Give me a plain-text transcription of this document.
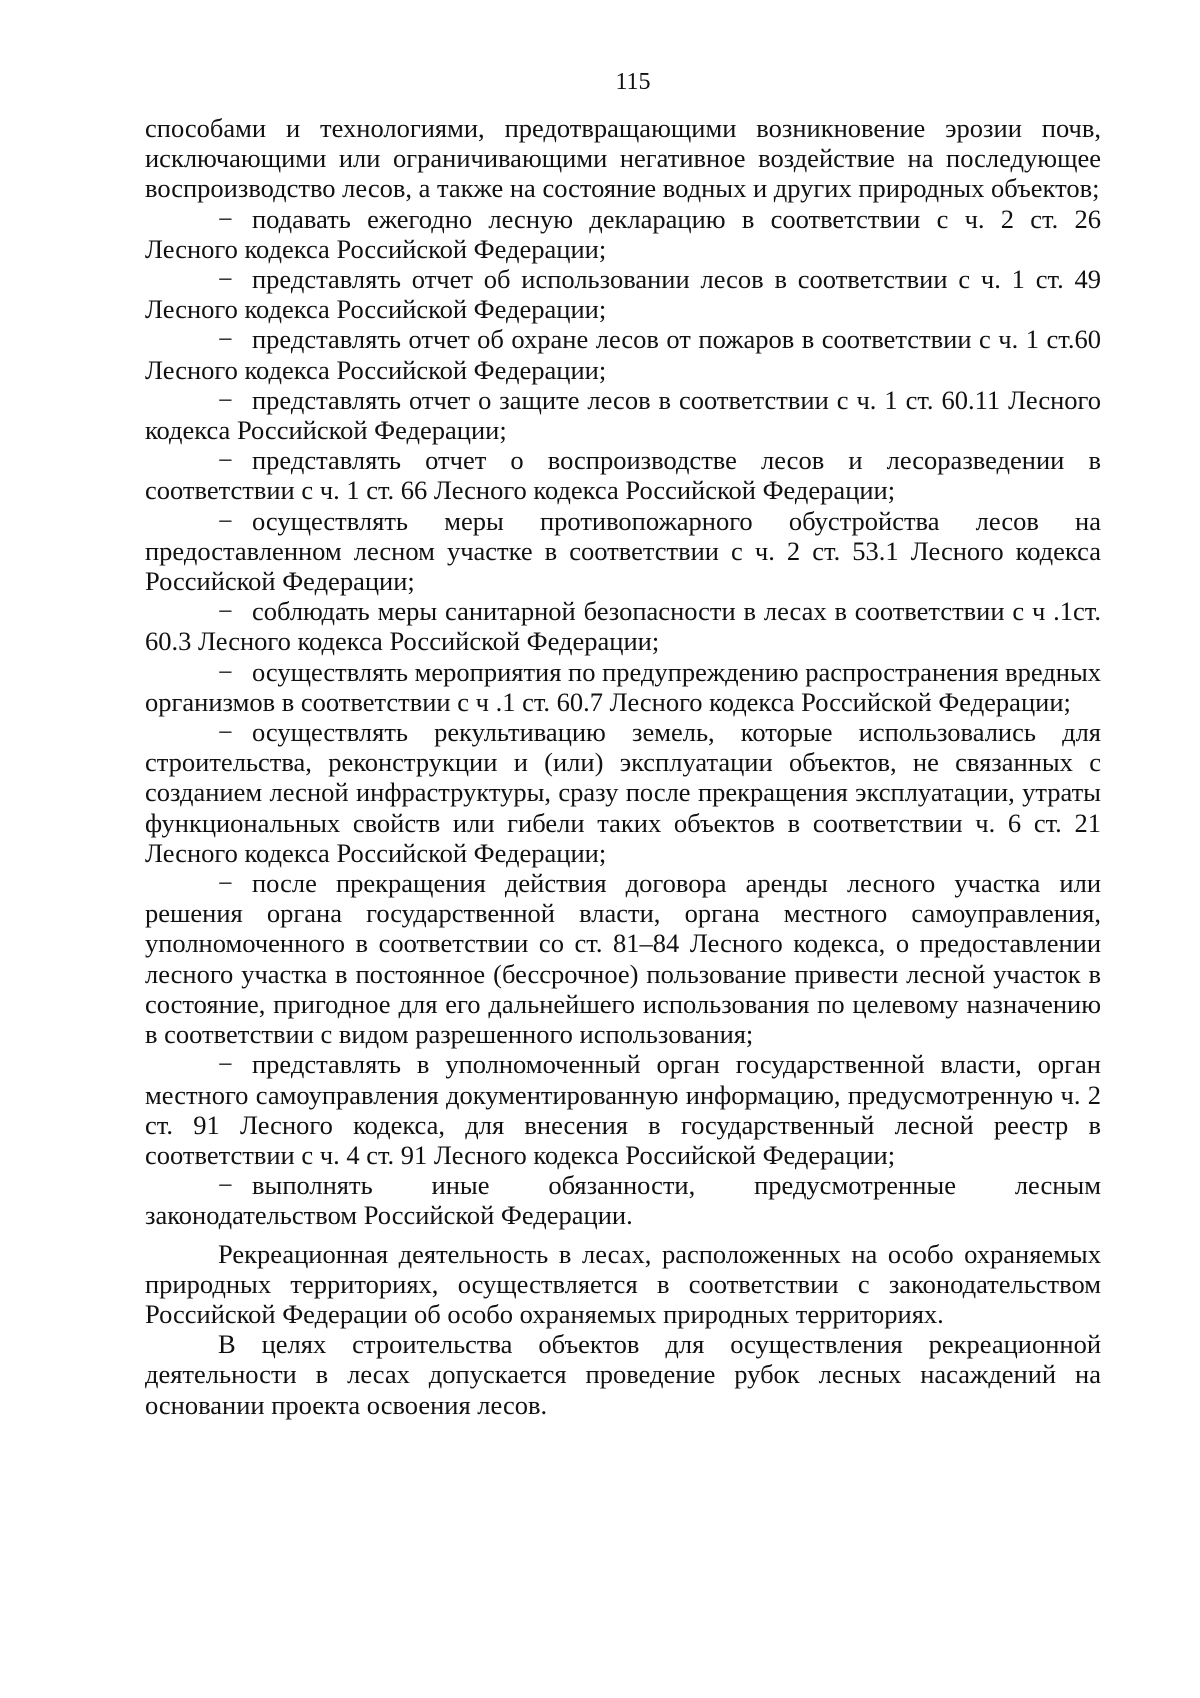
115

способами и технологиями, предотвращающими возникновение эрозии почв, исключающими или ограничивающими негативное воздействие на последующее воспроизводство лесов, а также на состояние водных и других природных объектов;

− подавать ежегодно лесную декларацию в соответствии с ч. 2 ст. 26 Лесного кодекса Российской Федерации;

− представлять отчет об использовании лесов в соответствии с ч. 1 ст. 49 Лесного кодекса Российской Федерации;

− представлять отчет об охране лесов от пожаров в соответствии с ч. 1 ст.60 Лесного кодекса Российской Федерации;

− представлять отчет о защите лесов в соответствии с ч. 1 ст. 60.11 Лесного кодекса Российской Федерации;

− представлять отчет о воспроизводстве лесов и лесоразведении в соответствии с ч. 1 ст. 66 Лесного кодекса Российской Федерации;

− осуществлять меры противопожарного обустройства лесов на предоставленном лесном участке в соответствии с ч. 2 ст. 53.1 Лесного кодекса Российской Федерации;

− соблюдать меры санитарной безопасности в лесах в соответствии с ч .1ст. 60.3 Лесного кодекса Российской Федерации;

− осуществлять мероприятия по предупреждению распространения вредных организмов в соответствии с ч .1 ст. 60.7 Лесного кодекса Российской Федерации;

− осуществлять рекультивацию земель, которые использовались для строительства, реконструкции и (или) эксплуатации объектов, не связанных с созданием лесной инфраструктуры, сразу после прекращения эксплуатации, утраты функциональных свойств или гибели таких объектов в соответствии ч. 6 ст. 21 Лесного кодекса Российской Федерации;

− после прекращения действия договора аренды лесного участка или решения органа государственной власти, органа местного самоуправления, уполномоченного в соответствии со ст. 81–84 Лесного кодекса, о предоставлении лесного участка в постоянное (бессрочное) пользование привести лесной участок в состояние, пригодное для его дальнейшего использования по целевому назначению в соответствии с видом разрешенного использования;

− представлять в уполномоченный орган государственной власти, орган местного самоуправления документированную информацию, предусмотренную ч. 2 ст. 91 Лесного кодекса, для внесения в государственный лесной реестр в соответствии с ч. 4 ст. 91 Лесного кодекса Российской Федерации;

− выполнять иные обязанности, предусмотренные лесным законодательством Российской Федерации.

Рекреационная деятельность в лесах, расположенных на особо охраняемых природных территориях, осуществляется в соответствии с законодательством Российской Федерации об особо охраняемых природных территориях.

В целях строительства объектов для осуществления рекреационной деятельности в лесах допускается проведение рубок лесных насаждений на основании проекта освоения лесов.
